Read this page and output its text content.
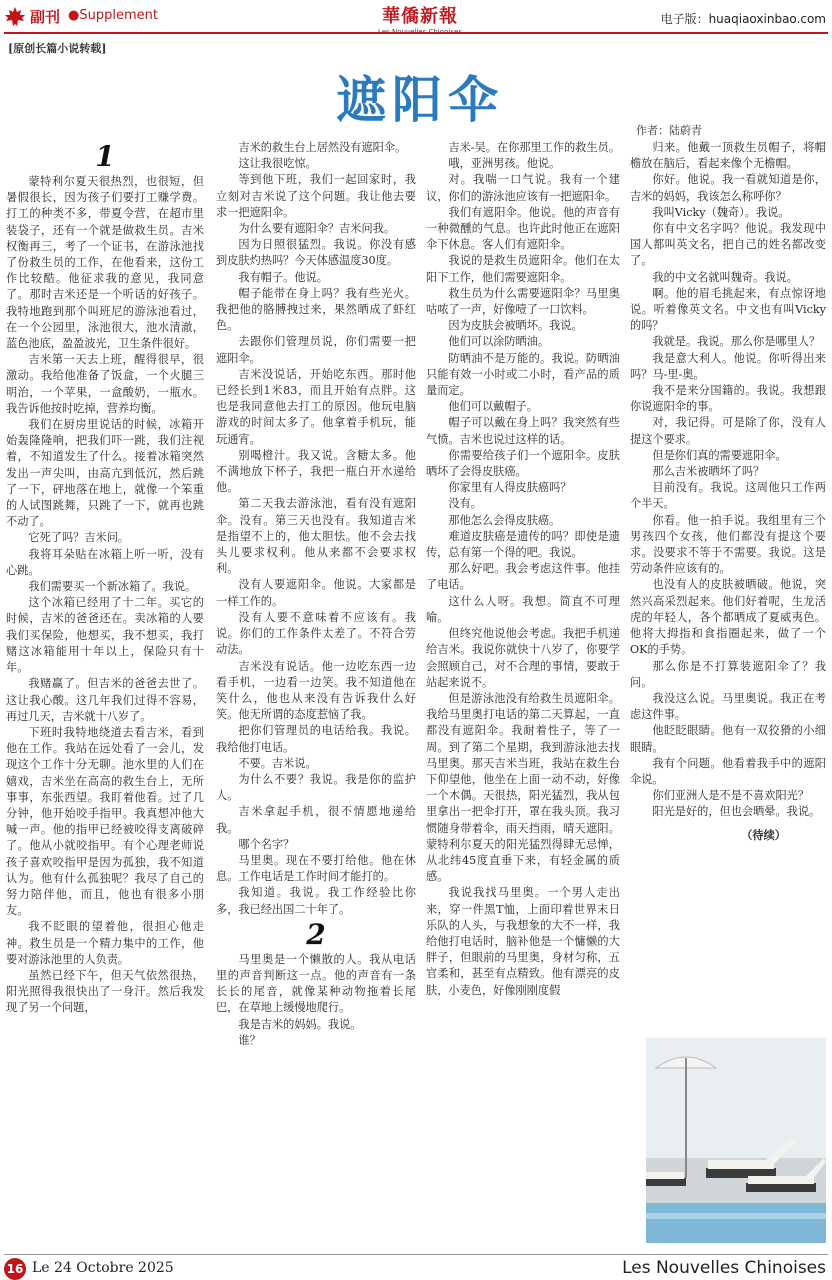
副刊 ●Supplement	華僑新報
Les Nouvelles Chinoises
电子版：huaqiaoxinbao.com
[原创长篇小说转载]
遮阳伞
作者：陆蔚青

1

蒙特利尔夏天很热烈，也很短，但暑假很长，因为孩子们要打工赚学费。打工的种类不多，带夏令营，在超市里装袋子，还有一个就是做救生员。吉米权衡再三，考了一个证书，在游泳池找了份救生员的工作，在他看来，这份工作比较酷。他征求我的意见，我同意了。那时吉米还是一个听话的好孩子。我特地跑到那个叫班尼的游泳池看过，在一个公园里，泳池很大，池水清澈，蓝色池底，盈盈波光，卫生条件很好。

吉米第一天去上班，醒得很早，很激动。我给他准备了饭盒，一个火腿三明治，一个苹果，一盒酸奶，一瓶水。我告诉他按时吃掉，营养均衡。

我们在厨房里说话的时候，冰箱开始轰隆隆响，把我们吓一跳，我们注视着，不知道发生了什么。接着冰箱突然发出一声尖叫，由高亢到低沉，然后跳了一下，砰地落在地上，就像一个笨重的人试图跳舞，只跳了一下，就再也跳不动了。

它死了吗？吉米问。

我将耳朵贴在冰箱上听一听，没有心跳。

我们需要买一个新冰箱了。我说。

这个冰箱已经用了十二年。买它的时候，吉米的爸爸还在。卖冰箱的人要我们买保险，他想买，我不想买，我打赌这冰箱能用十年以上，保险只有十年。

我赌赢了。但吉米的爸爸去世了。这让我心酸。这几年我们过得不容易，再过几天，吉米就十八岁了。

下班时我特地绕道去看吉米，看到他在工作。我站在远处看了一会儿，发现这个工作十分无聊。池水里的人们在嬉戏，吉米坐在高高的救生台上，无所事事，东张西望。我盯着他看。过了几分钟，他开始咬手指甲。我真想冲他大喊一声。他的指甲已经被咬得支离破碎了。他从小就咬指甲。有个心理老师说孩子喜欢咬指甲是因为孤独，我不知道认为。他有什么孤独呢？我尽了自己的努力陪伴他，而且，他也有很多小朋友。

我不眨眼的望着他，很担心他走神。救生员是一个精力集中的工作，他要对游泳池里的人负责。

虽然已经下午，但天气依然很热，阳光照得我很快出了一身汗。然后我发现了另一个问题，

吉米的救生台上居然没有遮阳伞。

这让我很吃惊。

等到他下班，我们一起回家时，我立刻对吉米说了这个问题。我让他去要求一把遮阳伞。

为什么要有遮阳伞？吉米问我。

因为日照很猛烈。我说。你没有感到皮肤灼热吗？今天体感温度30度。

我有帽子。他说。

帽子能带在身上吗？我有些光火。我把他的胳膊拽过来，果然晒成了虾红色。

去跟你们管理员说，你们需要一把遮阳伞。

吉米没说话，开始吃东西。那时他已经长到1米83，而且开始有点胖。这也是我同意他去打工的原因。他玩电脑游戏的时间太多了。他拿着手机玩，能玩通宵。

别喝橙汁。我又说。含糖太多。他不满地放下杯子，我把一瓶白开水递给他。

第二天我去游泳池，看有没有遮阳伞。没有。第三天也没有。我知道吉米是指望不上的，他太胆怯。他不会去找头儿要求权利。他从来都不会要求权利。

没有人要遮阳伞。他说。大家都是一样工作的。

没有人要不意味着不应该有。我说。你们的工作条件太差了。不符合劳动法。

吉米没有说话。他一边吃东西一边看手机，一边看一边笑。我不知道他在笑什么，他也从来没有告诉我什么好笑。他无所谓的态度惹恼了我。

把你们管理员的电话给我。我说。我给他打电话。

不要。吉米说。

为什么不要？我说。我是你的监护人。

吉米拿起手机，很不情愿地递给我。

哪个名字？

马里奥。现在不要打给他。他在休息。工作电话是工作时间才能打的。

我知道。我说。我工作经验比你多，我已经出国二十年了。

2

马里奥是一个懒散的人。我从电话里的声音判断这一点。他的声音有一条长长的尾音，就像某种动物拖着长尾巴，在草地上缓慢地爬行。

我是吉米的妈妈。我说。

谁？

吉米-吴。在你那里工作的救生员。

哦，亚洲男孩。他说。

对。我喘一口气说。我有一个建议，你们的游泳池应该有一把遮阳伞。

我们有遮阳伞。他说。他的声音有一种微醺的气息。也许此时他正在遮阳伞下休息。客人们有遮阳伞。

我说的是救生员遮阳伞。他们在太阳下工作，他们需要遮阳伞。

救生员为什么需要遮阳伞？马里奥咕哝了一声，好像噎了一口饮料。

因为皮肤会被晒坏。我说。

他们可以涂防晒油。

防晒油不是万能的。我说。防晒油只能有效一小时或二小时，看产品的质量而定。

他们可以戴帽子。

帽子可以戴在身上吗？我突然有些气愤。吉米也说过这样的话。

你需要给孩子们一个遮阳伞。皮肤晒坏了会得皮肤癌。

你家里有人得皮肤癌吗？

没有。

那他怎么会得皮肤癌。

难道皮肤癌是遗传的吗？即使是遗传，总有第一个得的吧。我说。

那么好吧。我会考虑这件事。他挂了电话。

这什么人呀。我想。简直不可理喻。

但终究他说他会考虑。我把手机递给吉米。我说你就快十八岁了，你要学会照顾自己，对不合理的事情，要敢于站起来说不。

但是游泳池没有给救生员遮阳伞。我给马里奥打电话的第二天算起，一直都没有遮阳伞。我耐着性子，等了一周。到了第二个星期，我到游泳池去找马里奥。那天吉米当班，我站在救生台下仰望他，他坐在上面一动不动，好像一个木偶。天很热，阳光猛烈，我从包里拿出一把伞打开，罩在我头顶。我习惯随身带着伞，雨天挡雨，晴天遮阳。蒙特利尔夏天的阳光猛烈得肆无忌惮，从北纬45度直垂下来，有轻金属的质感。

我说我找马里奥。一个男人走出来，穿一件黑T恤，上面印着世界末日乐队的人头，与我想象的大不一样，我给他打电话时，脑补他是一个慵懒的大胖子，但眼前的马里奥，身材匀称，五官柔和，甚至有点精致。他有漂亮的皮肤，小麦色，好像刚刚度假

归来。他戴一顶救生员帽子，将帽檐放在脑后，看起来像个无檐帽。

你好。他说。我一看就知道是你，吉米的妈妈，我该怎么称呼你？

我叫Vicky（魏奇）。我说。

你有中文名字吗？他说。我发现中国人都叫英文名，把自己的姓名都改变了。

我的中文名就叫魏奇。我说。

啊。他的眉毛挑起来，有点惊讶地说。听着像英文名。中文也有叫Vicky的吗？

我就是。我说。那么你是哪里人？

我是意大利人。他说。你听得出来吗？马-里-奥。

我不是来分国籍的。我说。我想跟你说遮阳伞的事。

对，我记得。可是除了你，没有人提这个要求。

但是你们真的需要遮阳伞。

那么吉米被晒坏了吗？

目前没有。我说。这周他只工作两个半天。

你看。他一拍手说。我组里有三个男孩四个女孩，他们都没有提这个要求。没要求不等于不需要。我说。这是劳动条件应该有的。

也没有人的皮肤被晒破。他说，突然兴高采烈起来。他们好着呢，生龙活虎的年轻人，各个都晒成了夏威夷色。他将大拇指和食指圈起来，做了一个OK的手势。

那么你是不打算装遮阳伞了？我问。

我没这么说。马里奥说。我正在考虑这件事。

他眨眨眼睛。他有一双狡猾的小细眼睛。

我有个问题。他看着我手中的遮阳伞说。

你们亚洲人是不是不喜欢阳光？

阳光是好的，但也会晒晕。我说。

（待续）

16 Le 24 Octobre 2025	Les Nouvelles Chinoises
